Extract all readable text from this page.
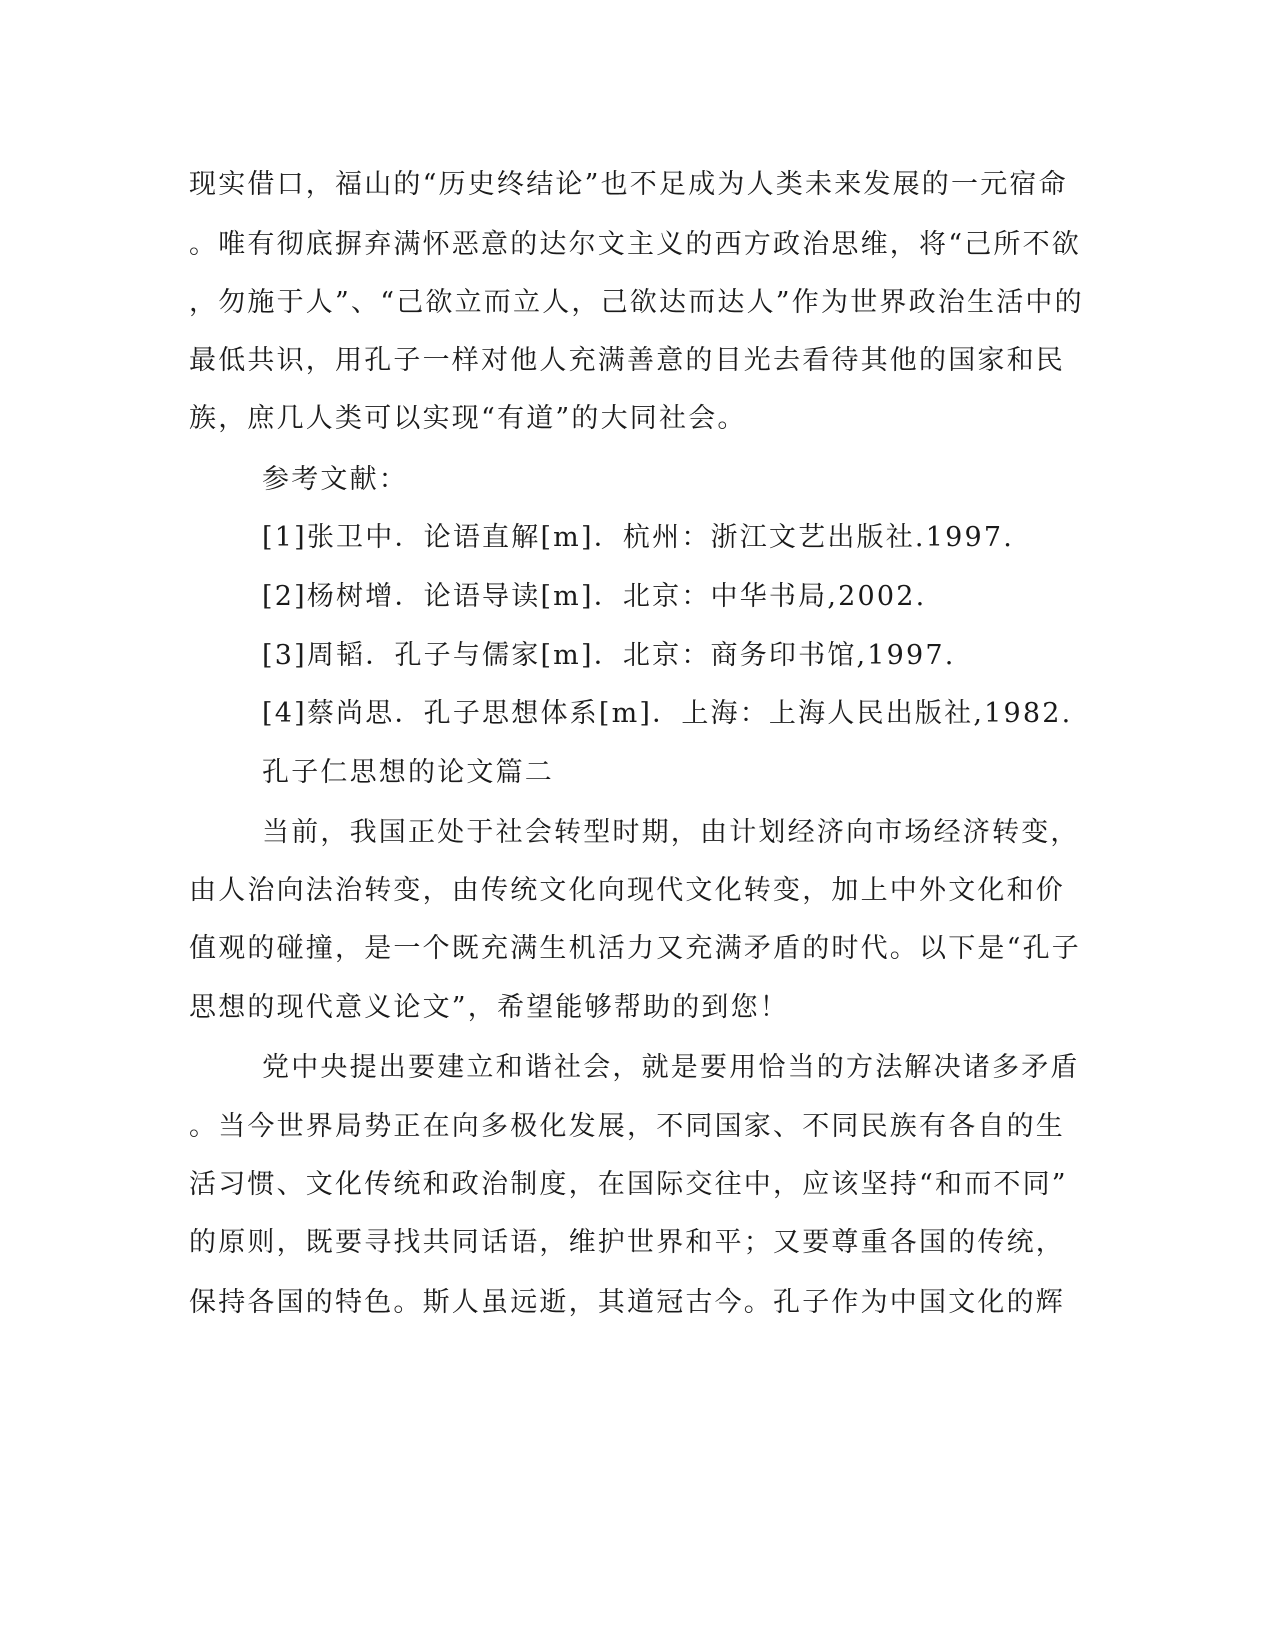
现实借口，福山的“历史终结论”也不足成为人类未来发展的一元宿命
。唯有彻底摒弃满怀恶意的达尔文主义的西方政治思维，将“己所不欲
，勿施于人”、“己欲立而立人，己欲达而达人”作为世界政治生活中的
最低共识，用孔子一样对他人充满善意的目光去看待其他的国家和民
族，庶几人类可以实现“有道”的大同社会。
参考文献：
[1]张卫中．论语直解[m]．杭州：浙江文艺出版社.1997.
[2]杨树增．论语导读[m]．北京：中华书局,2002.
[3]周韬．孔子与儒家[m]．北京：商务印书馆,1997.
[4]蔡尚思．孔子思想体系[m]．上海：上海人民出版社,1982.
孔子仁思想的论文篇二
当前，我国正处于社会转型时期，由计划经济向市场经济转变，
由人治向法治转变，由传统文化向现代文化转变，加上中外文化和价
值观的碰撞，是一个既充满生机活力又充满矛盾的时代。以下是“孔子
思想的现代意义论文”，希望能够帮助的到您！
党中央提出要建立和谐社会，就是要用恰当的方法解决诸多矛盾
。当今世界局势正在向多极化发展，不同国家、不同民族有各自的生
活习惯、文化传统和政治制度，在国际交往中，应该坚持“和而不同”
的原则，既要寻找共同话语，维护世界和平；又要尊重各国的传统，
保持各国的特色。斯人虽远逝，其道冠古今。孔子作为中国文化的辉
